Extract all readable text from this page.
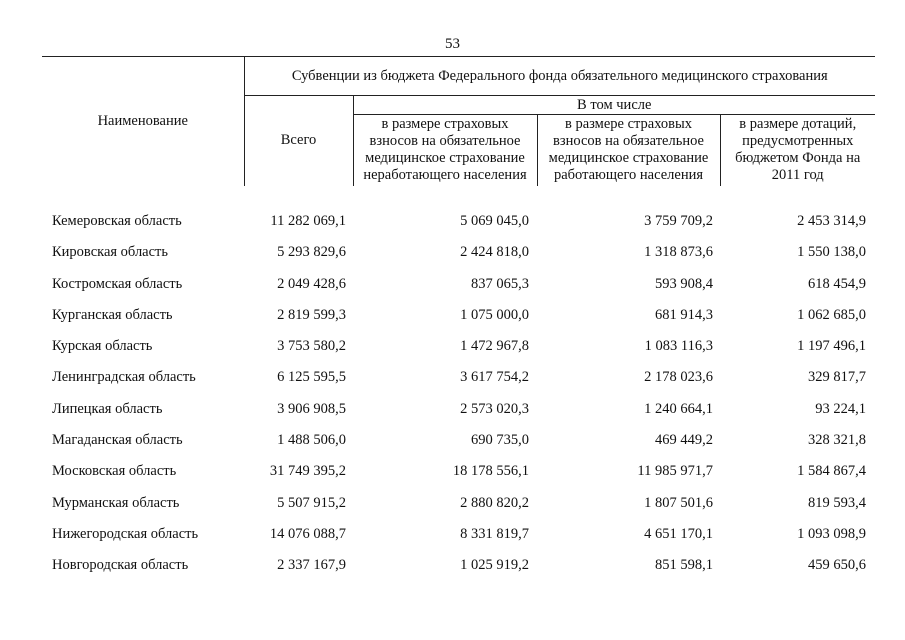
53
Наименование	Субвенции из бюджета Федерального фонда обязательного медицинского страхования			
	Всего	В том числе		
		в размере страховых взносов на обязательное медицинское страхование неработающего населения	в размере страховых взносов на обязательное медицинское страхование работающего населения	в размере дотаций, предусмотренных бюджетом Фонда на 2011 год
Кемеровская область	11 282 069,1	5 069 045,0	3 759 709,2	2 453 314,9
Кировская область	5 293 829,6	2 424 818,0	1 318 873,6	1 550 138,0
Костромская область	2 049 428,6	837 065,3	593 908,4	618 454,9
Курганская область	2 819 599,3	1 075 000,0	681 914,3	1 062 685,0
Курская область	3 753 580,2	1 472 967,8	1 083 116,3	1 197 496,1
Ленинградская область	6 125 595,5	3 617 754,2	2 178 023,6	329 817,7
Липецкая область	3 906 908,5	2 573 020,3	1 240 664,1	93 224,1
Магаданская область	1 488 506,0	690 735,0	469 449,2	328 321,8
Московская область	31 749 395,2	18 178 556,1	11 985 971,7	1 584 867,4
Мурманская область	5 507 915,2	2 880 820,2	1 807 501,6	819 593,4
Нижегородская область	14 076 088,7	8 331 819,7	4 651 170,1	1 093 098,9
Новгородская область	2 337 167,9	1 025 919,2	851 598,1	459 650,6
